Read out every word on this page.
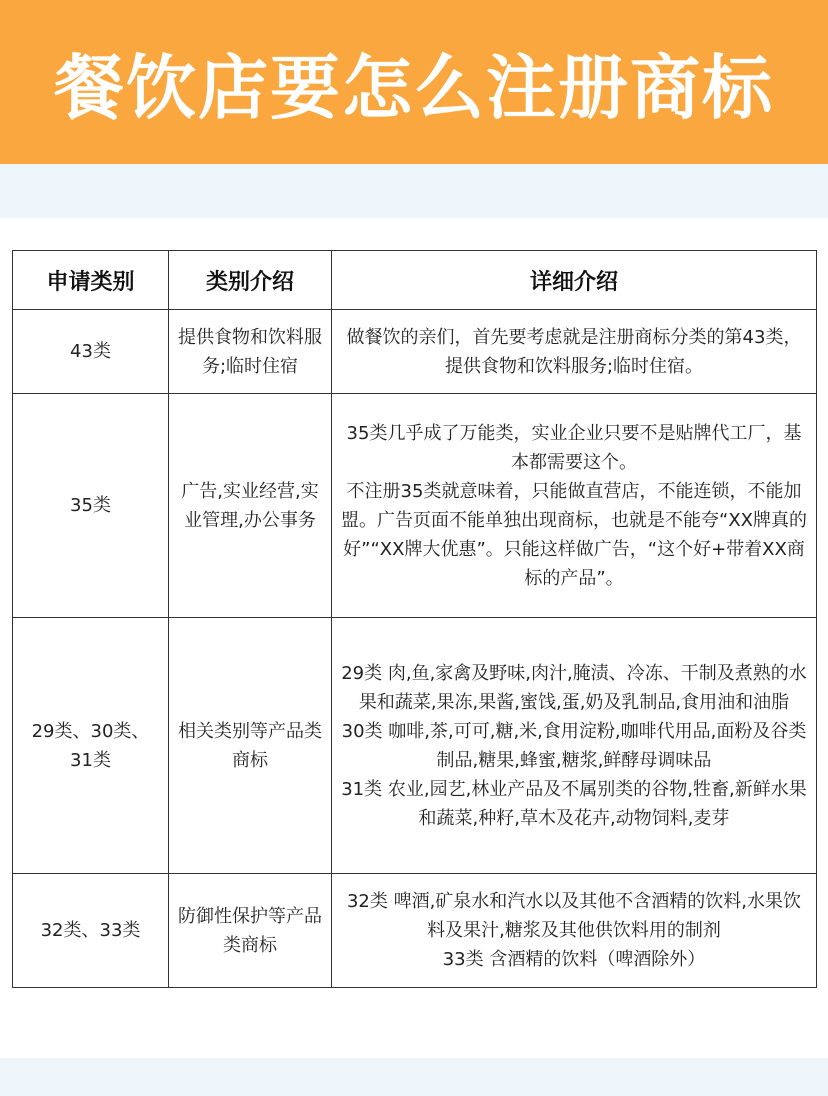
餐饮店要怎么注册商标
申请类别	类别介绍	详细介绍
43类	提供食物和饮料服务;临时住宿	做餐饮的亲们，首先要考虑就是注册商标分类的第43类，提供食物和饮料服务;临时住宿。

35类	广告,实业经营,实业管理,办公事务	35类几乎成了万能类，实业企业只要不是贴牌代工厂，基本都需要这个。
不注册35类就意味着，只能做直营店，不能连锁，不能加盟。广告页面不能单独出现商标，也就是不能夸“XX牌真的好”“XX牌大优惠”。只能这样做广告，“这个好+带着XX商标的产品”。

29类、30类、31类	相关类别等产品类商标	29类 肉,鱼,家禽及野味,肉汁,腌渍、冷冻、干制及煮熟的水果和蔬菜,果冻,果酱,蜜饯,蛋,奶及乳制品,食用油和油脂
30类 咖啡,茶,可可,糖,米,食用淀粉,咖啡代用品,面粉及谷类制品,糖果,蜂蜜,糖浆,鲜酵母调味品
31类 农业,园艺,林业产品及不属别类的谷物,牲畜,新鲜水果和蔬菜,种籽,草木及花卉,动物饲料,麦芽

32类、33类	防御性保护等产品类商标	32类 啤酒,矿泉水和汽水以及其他不含酒精的饮料,水果饮料及果汁,糖浆及其他供饮料用的制剂
33类 含酒精的饮料（啤酒除外）
